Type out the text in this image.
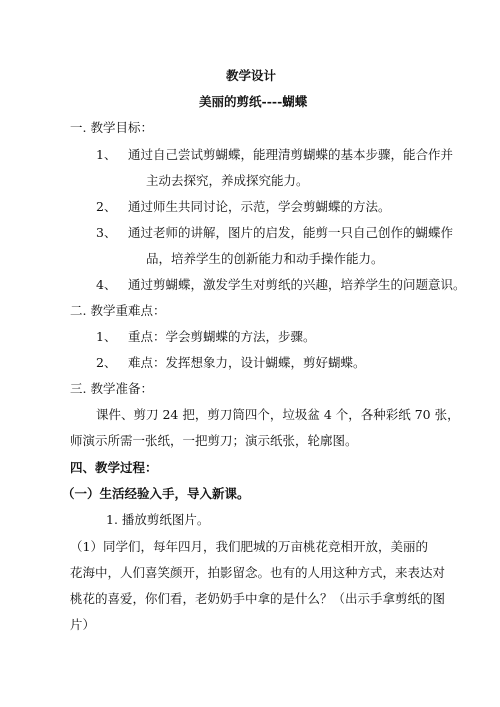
教学设计
美丽的剪纸----蝴蝶
一. 教学目标：
1、 通过自己尝试剪蝴蝶，能理清剪蝴蝶的基本步骤，能合作并
主动去探究，养成探究能力。
2、 通过师生共同讨论，示范，学会剪蝴蝶的方法。
3、 通过老师的讲解，图片的启发，能剪一只自己创作的蝴蝶作
品，培养学生的创新能力和动手操作能力。
4、 通过剪蝴蝶，激发学生对剪纸的兴趣，培养学生的问题意识。
二. 教学重难点：
1、 重点：学会剪蝴蝶的方法，步骤。
2、 难点：发挥想象力，设计蝴蝶，剪好蝴蝶。
三. 教学准备：
课件、剪刀 24 把，剪刀筒四个，垃圾盆 4 个，各种彩纸 70 张，
师演示所需一张纸，一把剪刀；演示纸张，轮廓图。
四、教学过程：
（一）生活经验入手，导入新课。
1. 播放剪纸图片。
（1）同学们，每年四月，我们肥城的万亩桃花竞相开放，美丽的
花海中，人们喜笑颜开，拍影留念。也有的人用这种方式，来表达对
桃花的喜爱，你们看，老奶奶手中拿的是什么？（出示手拿剪纸的图
片）
